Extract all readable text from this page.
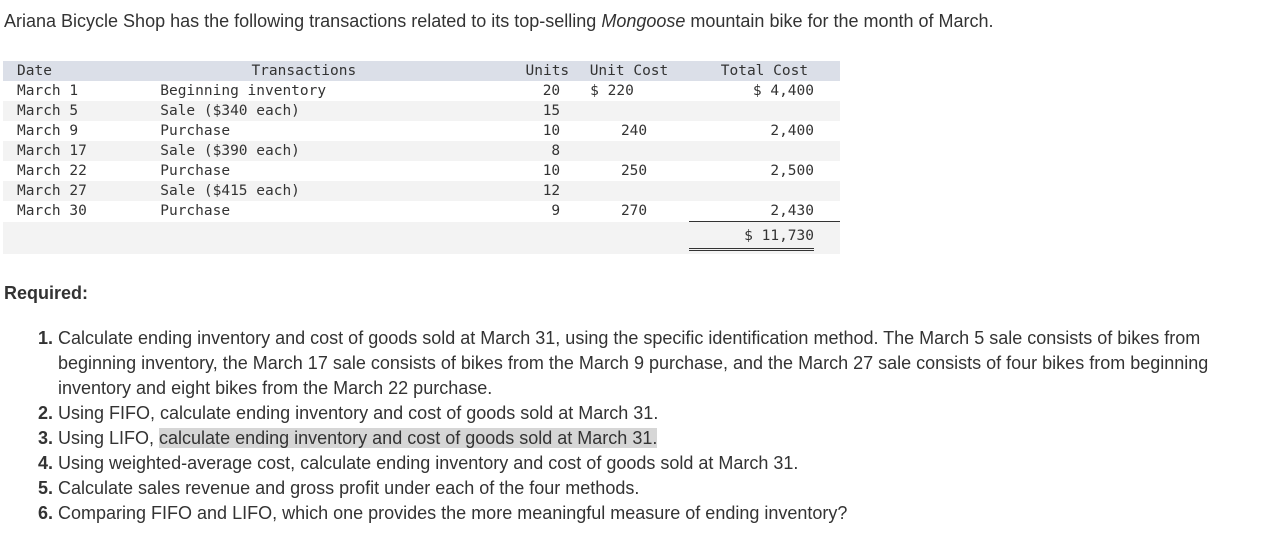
Ariana Bicycle Shop has the following transactions related to its top-selling Mongoose mountain bike for the month of March.

Date	Transactions	Units	Unit Cost	Total Cost
March 1	Beginning inventory	20	$ 220	$ 4,400
March 5	Sale ($340 each)	15		
March 9	Purchase	10	240	2,400
March 17	Sale ($390 each)	8		
March 22	Purchase	10	250	2,500
March 27	Sale ($415 each)	12		
March 30	Purchase	9	270	2,430

				$ 11,730

Required:

1. Calculate ending inventory and cost of goods sold at March 31, using the specific identification method. The March 5 sale consists of bikes from beginning inventory, the March 17 sale consists of bikes from the March 9 purchase, and the March 27 sale consists of four bikes from beginning inventory and eight bikes from the March 22 purchase.
2. Using FIFO, calculate ending inventory and cost of goods sold at March 31.
3. Using LIFO, calculate ending inventory and cost of goods sold at March 31.
4. Using weighted-average cost, calculate ending inventory and cost of goods sold at March 31.
5. Calculate sales revenue and gross profit under each of the four methods.
6. Comparing FIFO and LIFO, which one provides the more meaningful measure of ending inventory?
